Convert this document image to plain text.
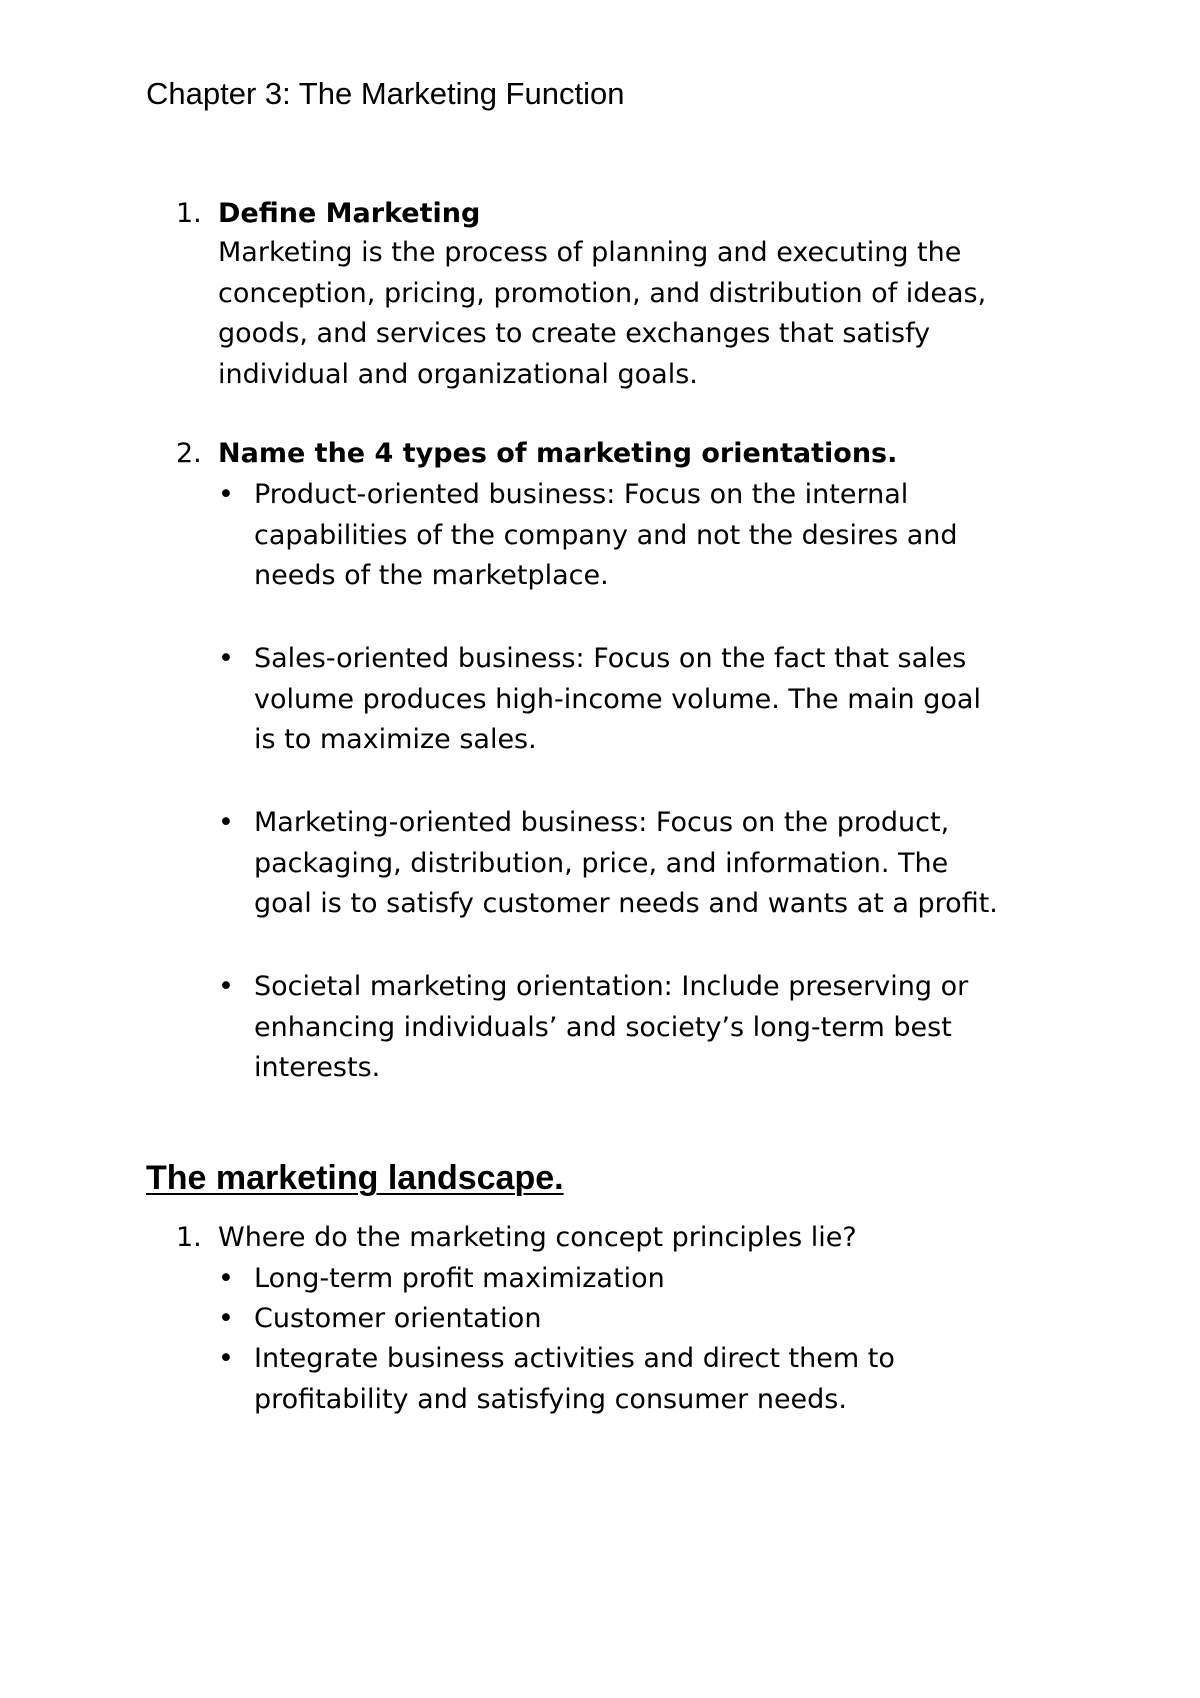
Chapter 3: The Marketing Function
1. Define Marketing
Marketing is the process of planning and executing the
conception, pricing, promotion, and distribution of ideas,
goods, and services to create exchanges that satisfy
individual and organizational goals.
2. Name the 4 types of marketing orientations.
• Product-oriented business: Focus on the internal
capabilities of the company and not the desires and
needs of the marketplace.
• Sales-oriented business: Focus on the fact that sales
volume produces high-income volume. The main goal
is to maximize sales.
• Marketing-oriented business: Focus on the product,
packaging, distribution, price, and information. The
goal is to satisfy customer needs and wants at a profit.
• Societal marketing orientation: Include preserving or
enhancing individuals’ and society’s long-term best
interests.
The marketing landscape.
1. Where do the marketing concept principles lie?
• Long-term profit maximization
• Customer orientation
• Integrate business activities and direct them to
profitability and satisfying consumer needs.
